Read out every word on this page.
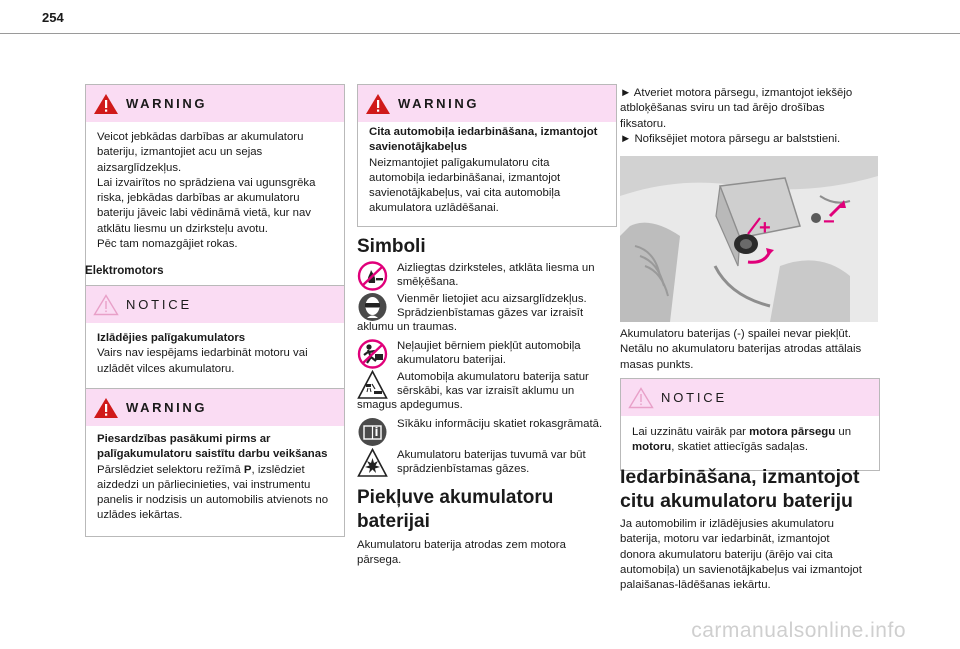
254
WARNING

Veicot jebkādas darbības ar akumulatoru

bateriju, izmantojiet acu un sejas

aizsarglīdzekļus.

Lai izvairītos no sprādziena vai ugunsgrēka

riska, jebkādas darbības ar akumulatoru

bateriju jāveic labi vēdināmā vietā, kur nav

atklātu liesmu un dzirksteļu avotu.

Pēc tam nomazgājiet rokas.

Elektromotors

NOTICE

Izlādējies palīgakumulators

Vairs nav iespējams iedarbināt motoru vai

uzlādēt vilces akumulatoru.

WARNING

Piesardzības pasākumi pirms ar

palīgakumulatoru saistītu darbu veikšanas

Pārslēdziet selektoru režīmā P, izslēdziet

aizdedzi un pārliecinieties, vai instrumentu

panelis ir nodzisis un automobilis atvienots no

uzlādes iekārtas.

WARNING

Cita automobiļa iedarbināšana, izmantojot

savienotājkabeļus

Neizmantojiet palīgakumulatoru cita

automobiļa iedarbināšanai, izmantojot

savienotājkabeļus, vai cita automobiļa

akumulatora uzlādēšanai.

Simboli
Aizliegtas dzirksteles, atklāta liesma un
smēķēšana.
Vienmēr lietojiet acu aizsarglīdzekļus.
Sprādzienbīstamas gāzes var izraisīt
aklumu un traumas.
Neļaujiet bērniem piekļūt automobiļa
akumulatoru baterijai.
Automobiļa akumulatoru baterija satur
sērskābi, kas var izraisīt aklumu un
smagus apdegumus.
Sīkāku informāciju skatiet rokasgrāmatā.
Akumulatoru baterijas tuvumā var būt
sprādzienbīstamas gāzes.
Piekļuve akumulatoru
baterijai
Akumulatoru baterija atrodas zem motora
pārsega.
► Atveriet motora pārsegu, izmantojot iekšējo
atbloķēšanas sviru un tad ārējo drošības
fiksatoru.
► Nofiksējiet motora pārsegu ar balststieni.
+	−
Akumulatoru baterijas (-) spailei nevar piekļūt.
Netālu no akumulatoru baterijas atrodas attālais
masas punkts.
NOTICE

Lai uzzinātu vairāk par motora pārsegu un

motoru, skatiet attiecīgās sadaļas.

Iedarbināšana, izmantojot
citu akumulatoru bateriju
Ja automobilim ir izlādējusies akumulatoru
baterija, motoru var iedarbināt, izmantojot
donora akumulatoru bateriju (ārējo vai cita
automobiļa) un savienotājkabeļus vai izmantojot
palaišanas-lādēšanas iekārtu.
carmanualsonline.info
